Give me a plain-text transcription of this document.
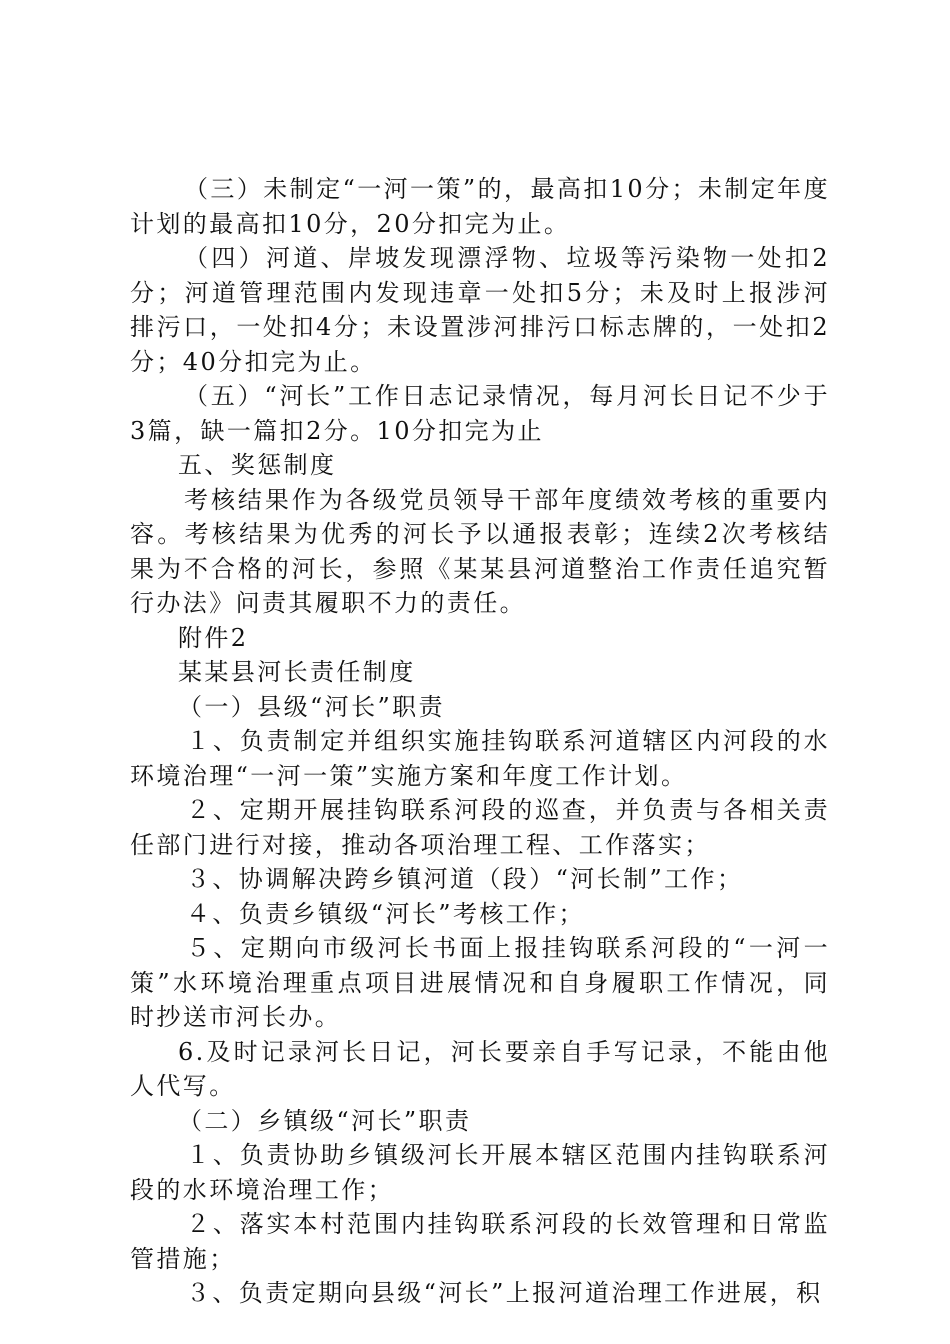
（三）未制定“一河一策”的，最高扣10分；未制定年度计划的最高扣10分，20分扣完为止。

（四）河道、岸坡发现漂浮物、垃圾等污染物一处扣2分；河道管理范围内发现违章一处扣5分；未及时上报涉河排污口，一处扣4分；未设置涉河排污口标志牌的，一处扣2分；40分扣完为止。

（五）“河长”工作日志记录情况，每月河长日记不少于3篇，缺一篇扣2分。10分扣完为止

五、奖惩制度

考核结果作为各级党员领导干部年度绩效考核的重要内容。考核结果为优秀的河长予以通报表彰；连续2次考核结果为不合格的河长，参照《某某县河道整治工作责任追究暂行办法》问责其履职不力的责任。

附件2

某某县河长责任制度

（一）县级“河长”职责

１、负责制定并组织实施挂钩联系河道辖区内河段的水环境治理“一河一策”实施方案和年度工作计划。

２、定期开展挂钩联系河段的巡查，并负责与各相关责任部门进行对接，推动各项治理工程、工作落实；

３、协调解决跨乡镇河道（段）“河长制”工作；

４、负责乡镇级“河长”考核工作；

５、定期向市级河长书面上报挂钩联系河段的“一河一策”水环境治理重点项目进展情况和自身履职工作情况，同时抄送市河长办。

6.及时记录河长日记，河长要亲自手写记录，不能由他人代写。

（二）乡镇级“河长”职责

１、负责协助乡镇级河长开展本辖区范围内挂钩联系河段的水环境治理工作；

２、落实本村范围内挂钩联系河段的长效管理和日常监管措施；

３、负责定期向县级“河长”上报河道治理工作进展，积
